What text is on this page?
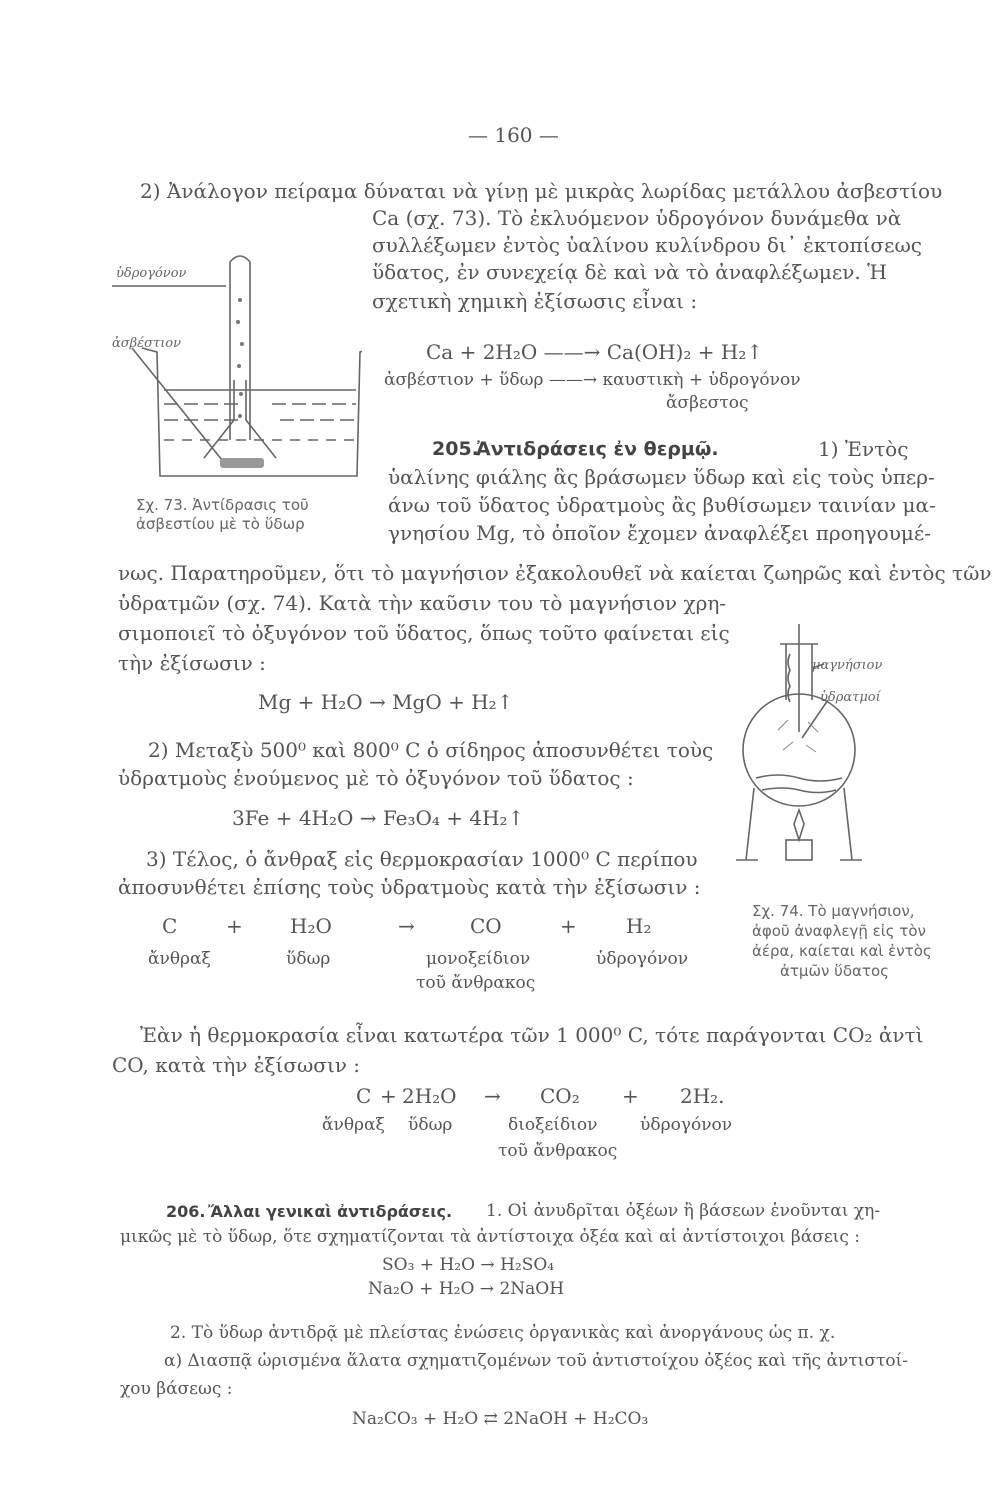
— 160 —
2) Ἀνάλογον πείραμα δύναται νὰ γίνῃ μὲ μικρὰς λωρίδας μετάλλου ἀσβεστίου
Ca (σχ. 73). Τὸ ἐκλυόμενον ὑδρογόνον δυνάμεθα νὰ
συλλέξωμεν ἐντὸς ὑαλίνου κυλίνδρου δι᾽ ἐκτοπίσεως
ὕδατος, ἐν συνεχείᾳ δὲ καὶ νὰ τὸ ἀναφλέξωμεν. Ἡ
σχετικὴ χημικὴ ἐξίσωσις εἶναι :
Ca + 2H₂O ——→ Ca(OH)₂ + H₂↑
ἀσβέστιον + ὕδωρ ——→ καυστικὴ + ὑδρογόνον
ἄσβεστος
ὑδρογόνον
ἀσβέστιον
Σχ. 73. Ἀντίδρασις τοῦ
ἀσβεστίου μὲ τὸ ὕδωρ
205.
Ἀντιδράσεις ἐν θερμῷ.	1) Ἐντὸς
ὑαλίνης φιάλης ἂς βράσωμεν ὕδωρ καὶ εἰς τοὺς ὑπερ-
άνω τοῦ ὕδατος ὑδρατμοὺς ἂς βυθίσωμεν ταινίαν μα-
γνησίου Mg, τὸ ὁποῖον ἔχομεν ἀναφλέξει προηγουμέ-
νως. Παρατηροῦμεν, ὅτι τὸ μαγνήσιον ἐξακολουθεῖ νὰ καίεται ζωηρῶς καὶ ἐντὸς τῶν
ὑδρατμῶν (σχ. 74). Κατὰ τὴν καῦσιν του τὸ μαγνήσιον χρη-
σιμοποιεῖ τὸ ὀξυγόνον τοῦ ὕδατος, ὅπως τοῦτο φαίνεται εἰς
τὴν ἐξίσωσιν :
Mg + H₂O → MgO + H₂↑
2) Μεταξὺ 500⁰ καὶ 800⁰ C ὁ σίδηρος ἀποσυνθέτει τοὺς
ὑδρατμοὺς ἑνούμενος μὲ τὸ ὀξυγόνον τοῦ ὕδατος :
3Fe + 4H₂O → Fe₃O₄ + 4H₂↑
3) Τέλος, ὁ ἄνθραξ εἰς θερμοκρασίαν 1000⁰ C περίπου
ἀποσυνθέτει ἐπίσης τοὺς ὑδρατμοὺς κατὰ τὴν ἐξίσωσιν :
C + H₂O	→	CO	+ H₂
ἄνθραξ	ὕδωρ	μονοξείδιον
τοῦ ἄνθρακος
ὑδρογόνον
μαγνήσιον
ὑδρατμοί
Σχ. 74. Τὸ μαγνήσιον,
ἀφοῦ ἀναφλεγῇ εἰς τὸν
ἀέρα, καίεται καὶ ἐντὸς
ἀτμῶν ὕδατος
Ἐὰν ἡ θερμοκρασία εἶναι κατωτέρα τῶν 1 000⁰ C, τότε παράγονται CO₂ ἀντὶ
CO, κατὰ τὴν ἐξίσωσιν :
C + 2H₂O → CO₂ + 2H₂.
ἄνθραξ ὕδωρ	διοξείδιον
τοῦ ἄνθρακος
ὑδρογόνον
206. Ἄλλαι γενικαὶ ἀντιδράσεις. 1. Οἱ ἀνυδρῖται ὀξέων ἢ βάσεων ἑνοῦνται χη-
μικῶς μὲ τὸ ὕδωρ, ὅτε σχηματίζονται τὰ ἀντίστοιχα ὀξέα καὶ αἱ ἀντίστοιχοι βάσεις :
SO₃ + H₂O → H₂SO₄
Na₂O + H₂O → 2NaOH
2. Τὸ ὕδωρ ἀντιδρᾷ μὲ πλείστας ἑνώσεις ὀργανικὰς καὶ ἀνοργάνους ὡς π. χ.
α) Διασπᾷ ὡρισμένα ἅλατα σχηματιζομένων τοῦ ἀντιστοίχου ὀξέος καὶ τῆς ἀντιστοί-
χου βάσεως :
Na₂CO₃ + H₂O ⇄ 2NaOH + H₂CO₃
